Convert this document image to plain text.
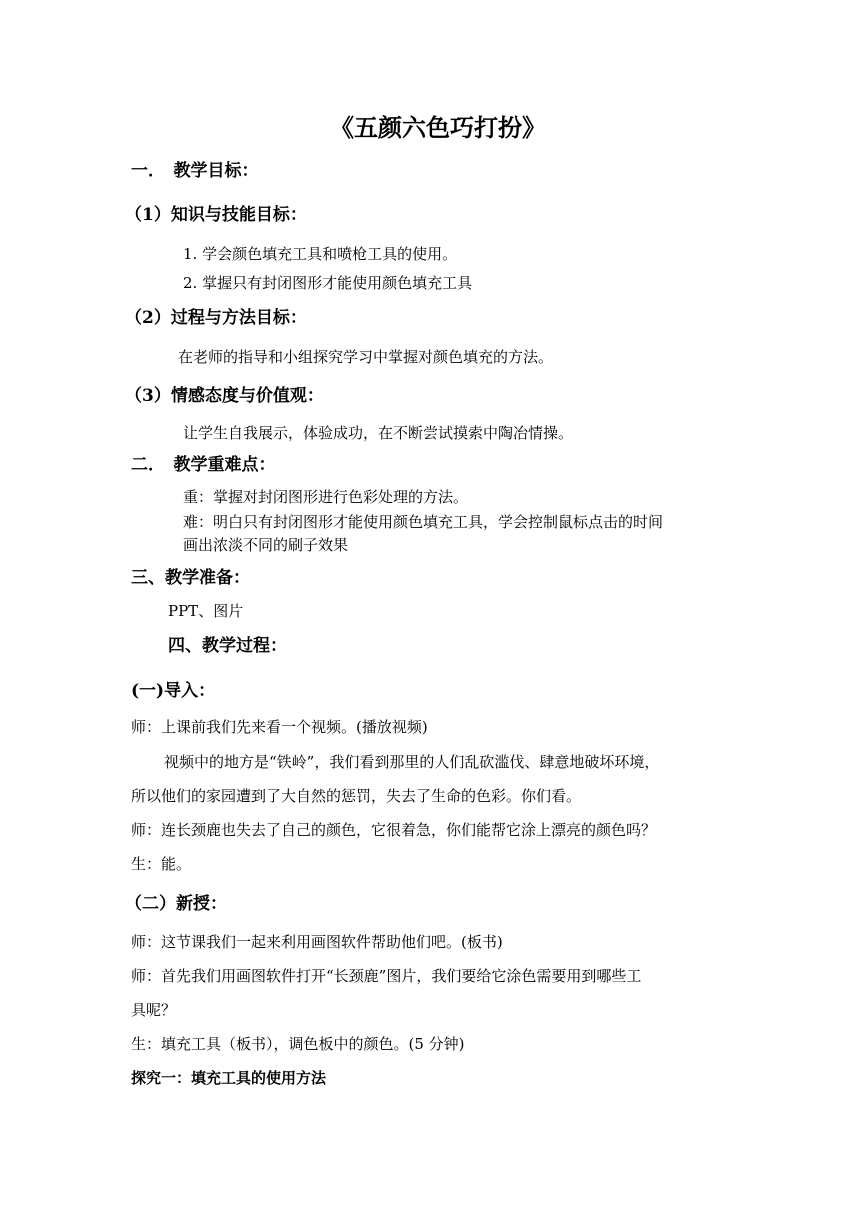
《五颜六色巧打扮》
一．　教学目标：
（1）知识与技能目标：
1. 学会颜色填充工具和喷枪工具的使用。
2. 掌握只有封闭图形才能使用颜色填充工具
（2）过程与方法目标：
在老师的指导和小组探究学习中掌握对颜色填充的方法。
（3）情感态度与价值观：
让学生自我展示，体验成功，在不断尝试摸索中陶冶情操。
二．　教学重难点：
重：掌握对封闭图形进行色彩处理的方法。
难：明白只有封闭图形才能使用颜色填充工具，学会控制鼠标点击的时间
画出浓淡不同的刷子效果
三、教学准备：
PPT、图片
四、教学过程：
(一)导入：
师：上课前我们先来看一个视频。(播放视频)
视频中的地方是“铁岭”，我们看到那里的人们乱砍滥伐、肆意地破坏环境，
所以他们的家园遭到了大自然的惩罚，失去了生命的色彩。你们看。
师：连长颈鹿也失去了自己的颜色，它很着急，你们能帮它涂上漂亮的颜色吗？
生：能。
（二）新授：
师：这节课我们一起来利用画图软件帮助他们吧。(板书)
师：首先我们用画图软件打开“长颈鹿”图片，我们要给它涂色需要用到哪些工
具呢？
生：填充工具（板书），调色板中的颜色。(5 分钟)
探究一：填充工具的使用方法
